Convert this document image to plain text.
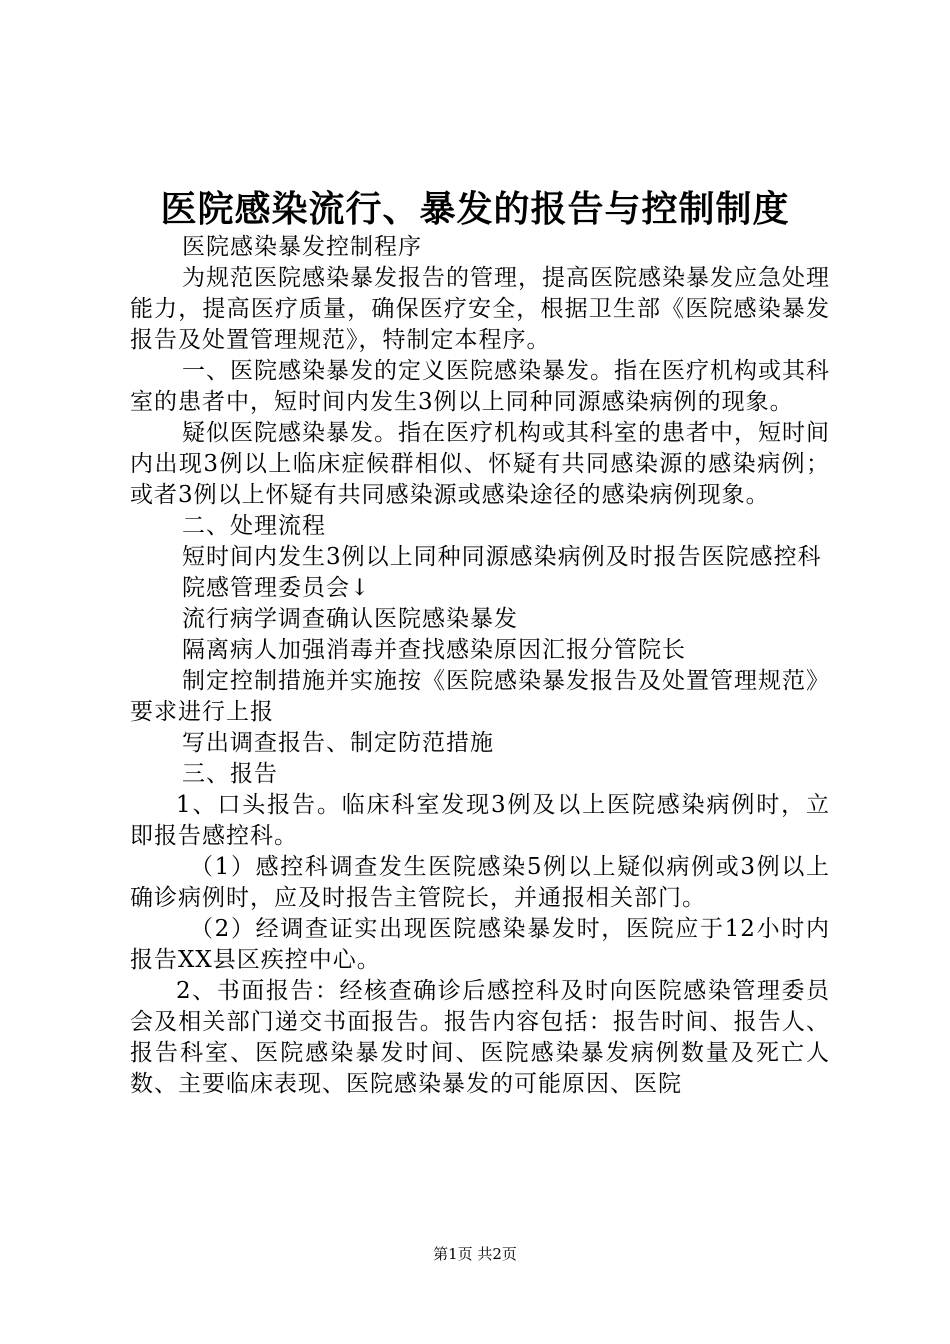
医院感染流行、暴发的报告与控制制度

医院感染暴发控制程序

为规范医院感染暴发报告的管理，提高医院感染暴发应急处理能力，提高医疗质量，确保医疗安全，根据卫生部《医院感染暴发报告及处置管理规范》，特制定本程序。

一、医院感染暴发的定义医院感染暴发。指在医疗机构或其科室的患者中，短时间内发生3例以上同种同源感染病例的现象。

疑似医院感染暴发。指在医疗机构或其科室的患者中，短时间内出现3例以上临床症候群相似、怀疑有共同感染源的感染病例；或者3例以上怀疑有共同感染源或感染途径的感染病例现象。

二、处理流程

短时间内发生3例以上同种同源感染病例及时报告医院感控科

院感管理委员会↓

流行病学调查确认医院感染暴发

隔离病人加强消毒并查找感染原因汇报分管院长

制定控制措施并实施按《医院感染暴发报告及处置管理规范》要求进行上报

写出调查报告、制定防范措施

三、报告

1、口头报告。临床科室发现3例及以上医院感染病例时，立即报告感控科。

（1）感控科调查发生医院感染5例以上疑似病例或3例以上确诊病例时，应及时报告主管院长，并通报相关部门。

（2）经调查证实出现医院感染暴发时，医院应于12小时内报告XX县区疾控中心。

2、书面报告：经核查确诊后感控科及时向医院感染管理委员会及相关部门递交书面报告。报告内容包括：报告时间、报告人、报告科室、医院感染暴发时间、医院感染暴发病例数量及死亡人数、主要临床表现、医院感染暴发的可能原因、医院

第1页 共2页
